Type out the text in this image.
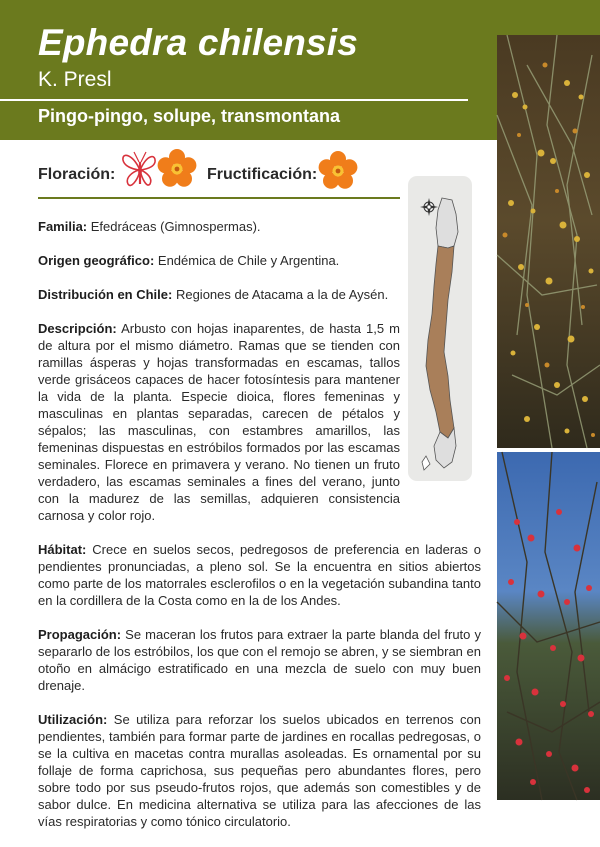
Ephedra chilensis
K. Presl
Pingo-pingo, solupe, transmontana
Floración:	Fructificación:

Familia: Efedráceas (Gimnospermas).

Origen geográfico: Endémica de Chile y Argentina.

Distribución en Chile: Regiones de Atacama a la de Aysén.

Descripción: Arbusto con hojas inaparentes, de hasta 1,5 m de altura por el mismo diámetro. Ramas que se tienden con ramillas ásperas y hojas transformadas en escamas, tallos verde grisáceos capaces de hacer fotosíntesis para mantener la vida de la planta. Especie dioica, flores femeninas y masculinas en plantas separadas, carecen de pétalos y sépalos; las masculinas, con estambres amarillos, las femeninas dispuestas en estróbilos formados por las escamas seminales. Florece en primavera y verano. No tienen un fruto verdadero, las escamas seminales a fines del verano, junto con la madurez de las semillas, adquieren consistencia carnosa y color rojo.

Hábitat: Crece en suelos secos, pedregosos de preferencia en laderas o pendientes pronunciadas, a pleno sol. Se la encuentra en sitios abiertos como parte de los matorrales esclerofilos o en la vegetación subandina tanto en la cordillera de la Costa como en la de los Andes.

Propagación: Se maceran los frutos para extraer la parte blanda del fruto y separarlo de los estróbilos, los que con el remojo se abren, y se siembran en otoño en almácigo estratificado en una mezcla de suelo con muy buen drenaje.

Utilización: Se utiliza para reforzar los suelos ubicados en terrenos con pendientes, también para formar parte de jardines en rocallas pedregosas, o se la cultiva en macetas contra murallas asoleadas. Es ornamental por su follaje de forma caprichosa, sus pequeñas pero abundantes flores, pero sobre todo por sus pseudo-frutos rojos, que además son comestibles y de sabor dulce. En medicina alternativa se utiliza para las afecciones de las vías respiratorias y como tónico circulatorio.
